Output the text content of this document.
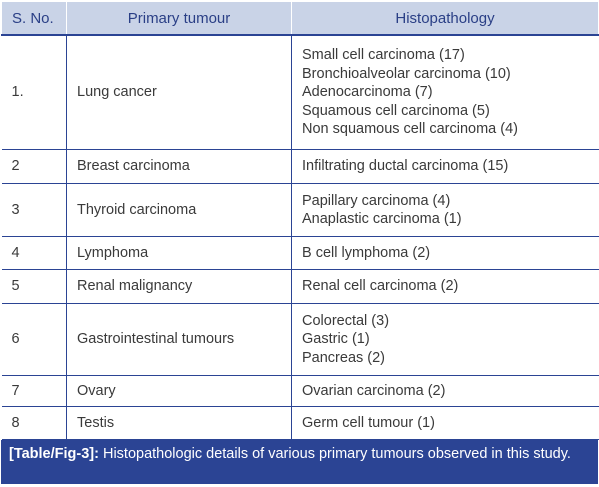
S. No.	Primary tumour	Histopathology
1.	Lung cancer	Small cell carcinoma (17)
Bronchioalveolar carcinoma (10)
Adenocarcinoma (7)
Squamous cell carcinoma (5)
Non squamous cell carcinoma (4)

2	Breast carcinoma	Infiltrating ductal carcinoma (15)

3	Thyroid carcinoma	Papillary carcinoma (4)
Anaplastic carcinoma (1)

4	Lymphoma	B cell lymphoma (2)

5	Renal malignancy	Renal cell carcinoma (2)

6	Gastrointestinal tumours	Colorectal (3)
Gastric (1)
Pancreas (2)

7	Ovary	Ovarian carcinoma (2)

8	Testis	Germ cell tumour (1)
[Table/Fig-3]: Histopathologic details of various primary tumours observed in this study.
